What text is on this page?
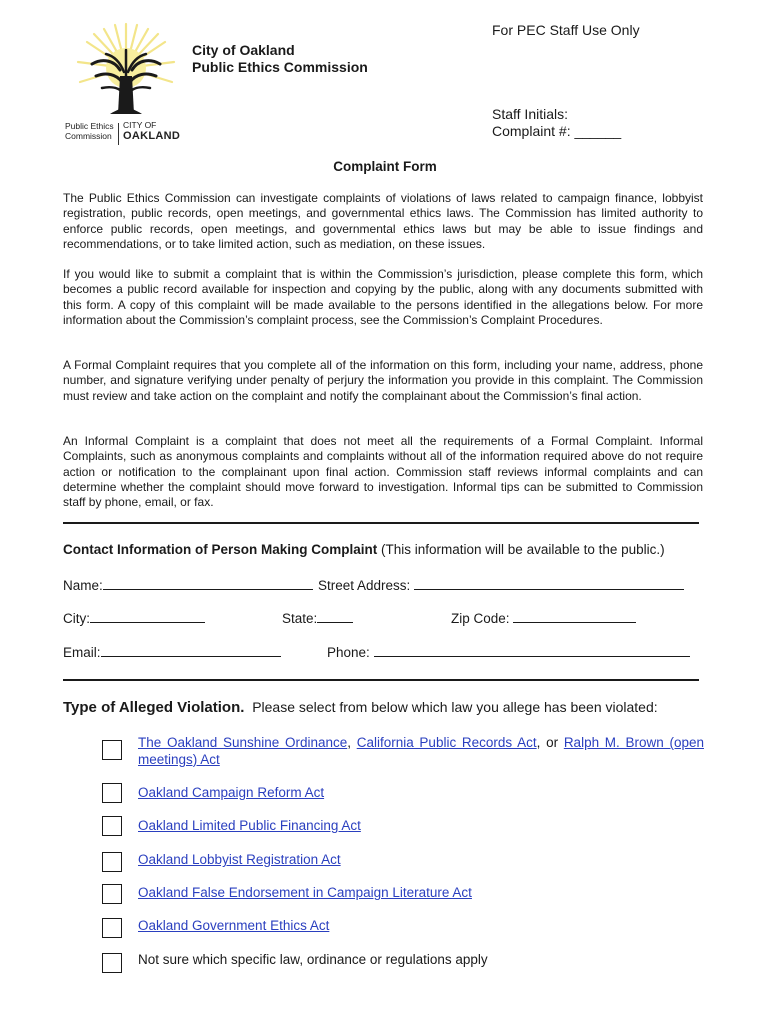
Public Ethics
Commission
CITY OF
OAKLAND
City of Oakland
Public Ethics Commission
For PEC Staff Use Only
Staff Initials:
Complaint #: ______
Complaint Form

The Public Ethics Commission can investigate complaints of violations of laws related to campaign finance, lobbyist registration, public records, open meetings, and governmental ethics laws. The Commission has limited authority to enforce public records, open meetings, and governmental ethics laws but may be able to issue findings and recommendations, or to take limited action, such as mediation, on these issues.

If you would like to submit a complaint that is within the Commission’s jurisdiction, please complete this form, which becomes a public record available for inspection and copying by the public, along with any documents submitted with this form. A copy of this complaint will be made available to the persons identified in the allegations below. For more information about the Commission’s complaint process, see the Commission’s Complaint Procedures.

A Formal Complaint requires that you complete all of the information on this form, including your name, address, phone number, and signature verifying under penalty of perjury the information you provide in this complaint. The Commission must review and take action on the complaint and notify the complainant about the Commission’s final action.

An Informal Complaint is a complaint that does not meet all the requirements of a Formal Complaint. Informal Complaints, such as anonymous complaints and complaints without all of the information required above do not require action or notification to the complainant upon final action. Commission staff reviews informal complaints and can determine whether the complaint should move forward to investigation. Informal tips can be submitted to Commission staff by phone, email, or fax.

Contact Information of Person Making Complaint (This information will be available to the public.)
Name:	Street Address:
City:	State:	Zip Code:
Email:	Phone:
Type of Alleged Violation. Please select from below which law you allege has been violated:
The Oakland Sunshine Ordinance, California Public Records Act, or Ralph M. Brown (open meetings) Act
Oakland Campaign Reform Act
Oakland Limited Public Financing Act
Oakland Lobbyist Registration Act
Oakland False Endorsement in Campaign Literature Act
Oakland Government Ethics Act
Not sure which specific law, ordinance or regulations apply
